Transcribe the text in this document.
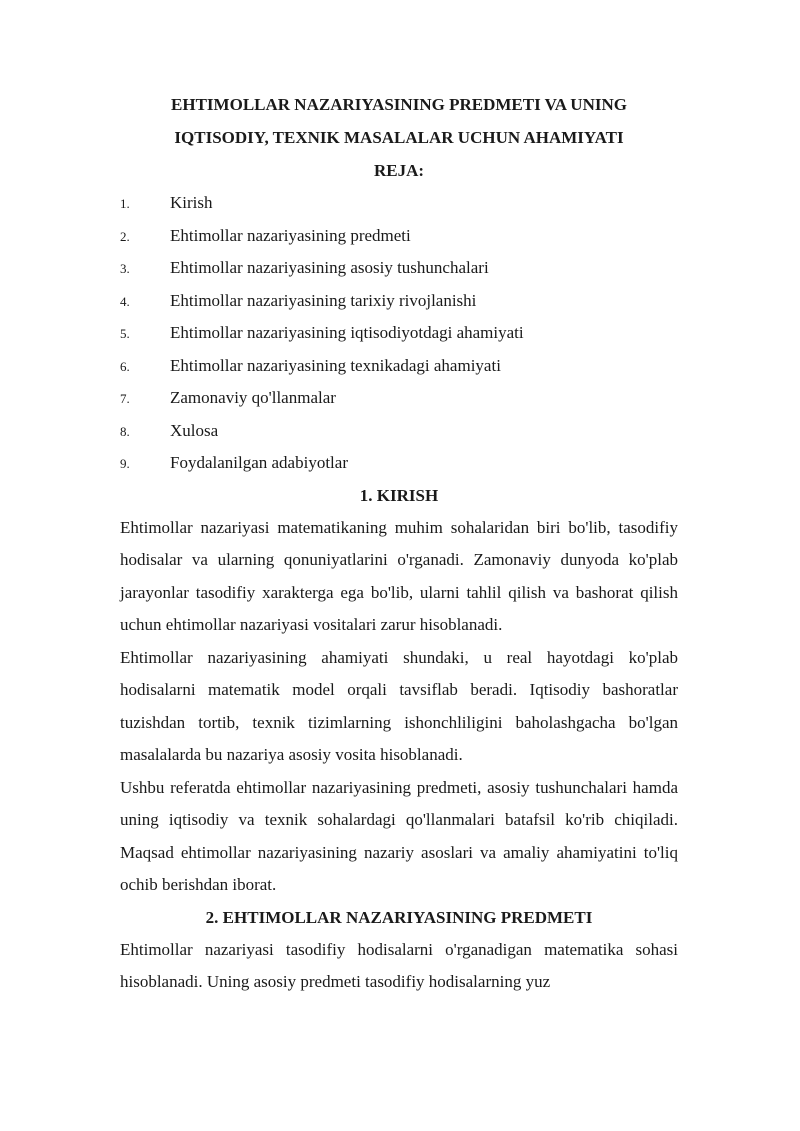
EHTIMOLLAR NAZARIYASINING PREDMETI VA UNING

IQTISODIY, TEXNIK MASALALAR UCHUN AHAMIYATI

REJA:

1.	Kirish
2.	Ehtimollar nazariyasining predmeti
3.	Ehtimollar nazariyasining asosiy tushunchalari
4.	Ehtimollar nazariyasining tarixiy rivojlanishi
5.	Ehtimollar nazariyasining iqtisodiyotdagi ahamiyati
6.	Ehtimollar nazariyasining texnikadagi ahamiyati
7.	Zamonaviy qo'llanmalar
8.	Xulosa
9.	Foydalanilgan adabiyotlar

1. KIRISH

Ehtimollar nazariyasi matematikaning muhim sohalaridan biri bo'lib, tasodifiy hodisalar va ularning qonuniyatlarini o'rganadi. Zamonaviy dunyoda ko'plab jarayonlar tasodifiy xarakterga ega bo'lib, ularni tahlil qilish va bashorat qilish uchun ehtimollar nazariyasi vositalari zarur hisoblanadi.

Ehtimollar nazariyasining ahamiyati shundaki, u real hayotdagi ko'plab hodisalarni matematik model orqali tavsiflab beradi. Iqtisodiy bashoratlar tuzishdan tortib, texnik tizimlarning ishonchliligini baholashgacha bo'lgan masalalarda bu nazariya asosiy vosita hisoblanadi.

Ushbu referatda ehtimollar nazariyasining predmeti, asosiy tushunchalari hamda uning iqtisodiy va texnik sohalardagi qo'llanmalari batafsil ko'rib chiqiladi. Maqsad ehtimollar nazariyasining nazariy asoslari va amaliy ahamiyatini to'liq ochib berishdan iborat.

2. EHTIMOLLAR NAZARIYASINING PREDMETI

Ehtimollar nazariyasi tasodifiy hodisalarni o'rganadigan matematika sohasi hisoblanadi. Uning asosiy predmeti tasodifiy hodisalarning yuz
